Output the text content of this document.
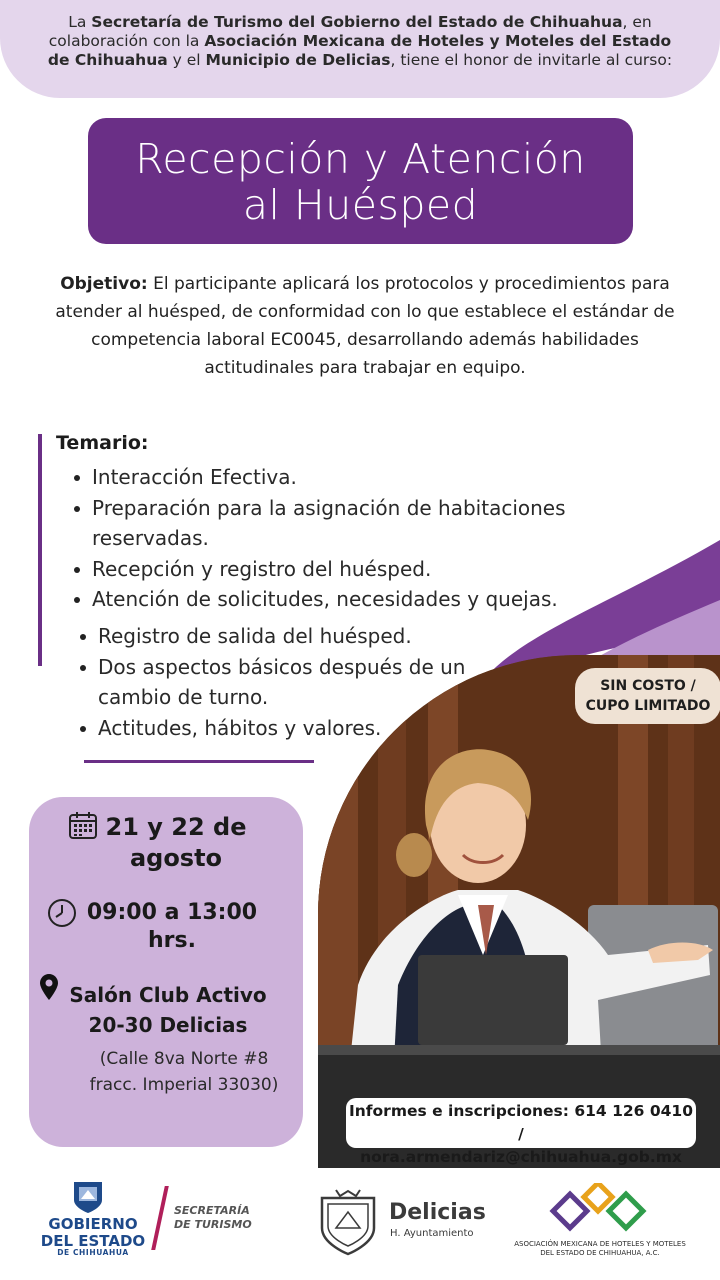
La Secretaría de Turismo del Gobierno del Estado de Chihuahua, en colaboración con la Asociación Mexicana de Hoteles y Moteles del Estado de Chihuahua y el Municipio de Delicias, tiene el honor de invitarle al curso:
Recepción y Atención
al Huésped
Objetivo: El participante aplicará los protocolos y procedimientos para atender al huésped, de conformidad con lo que establece el estándar de competencia laboral EC0045, desarrollando además habilidades actitudinales para trabajar en equipo.
Temario:
Interacción Efectiva.
Preparación para la asignación de habitaciones reservadas.
Recepción y registro del huésped.
Atención de solicitudes, necesidades y quejas.
Registro de salida del huésped.
Dos aspectos básicos después de un cambio de turno.
Actitudes, hábitos y valores.
SIN COSTO /
CUPO LIMITADO
21 y 22 de agosto
09:00 a 13:00 hrs.
Salón Club Activo 20-30 Delicias
(Calle 8va Norte #8 fracc. Imperial 33030)
Informes e inscripciones: 614 126 0410 /
nora.armendariz@chihuahua.gob.mx
GOBIERNO
DEL ESTADO
DE CHIHUAHUA
SECRETARÍA
DE TURISMO	Delicias
H. Ayuntamiento
ASOCIACIÓN MEXICANA DE HOTELES Y MOTELES
DEL ESTADO DE CHIHUAHUA, A.C.
